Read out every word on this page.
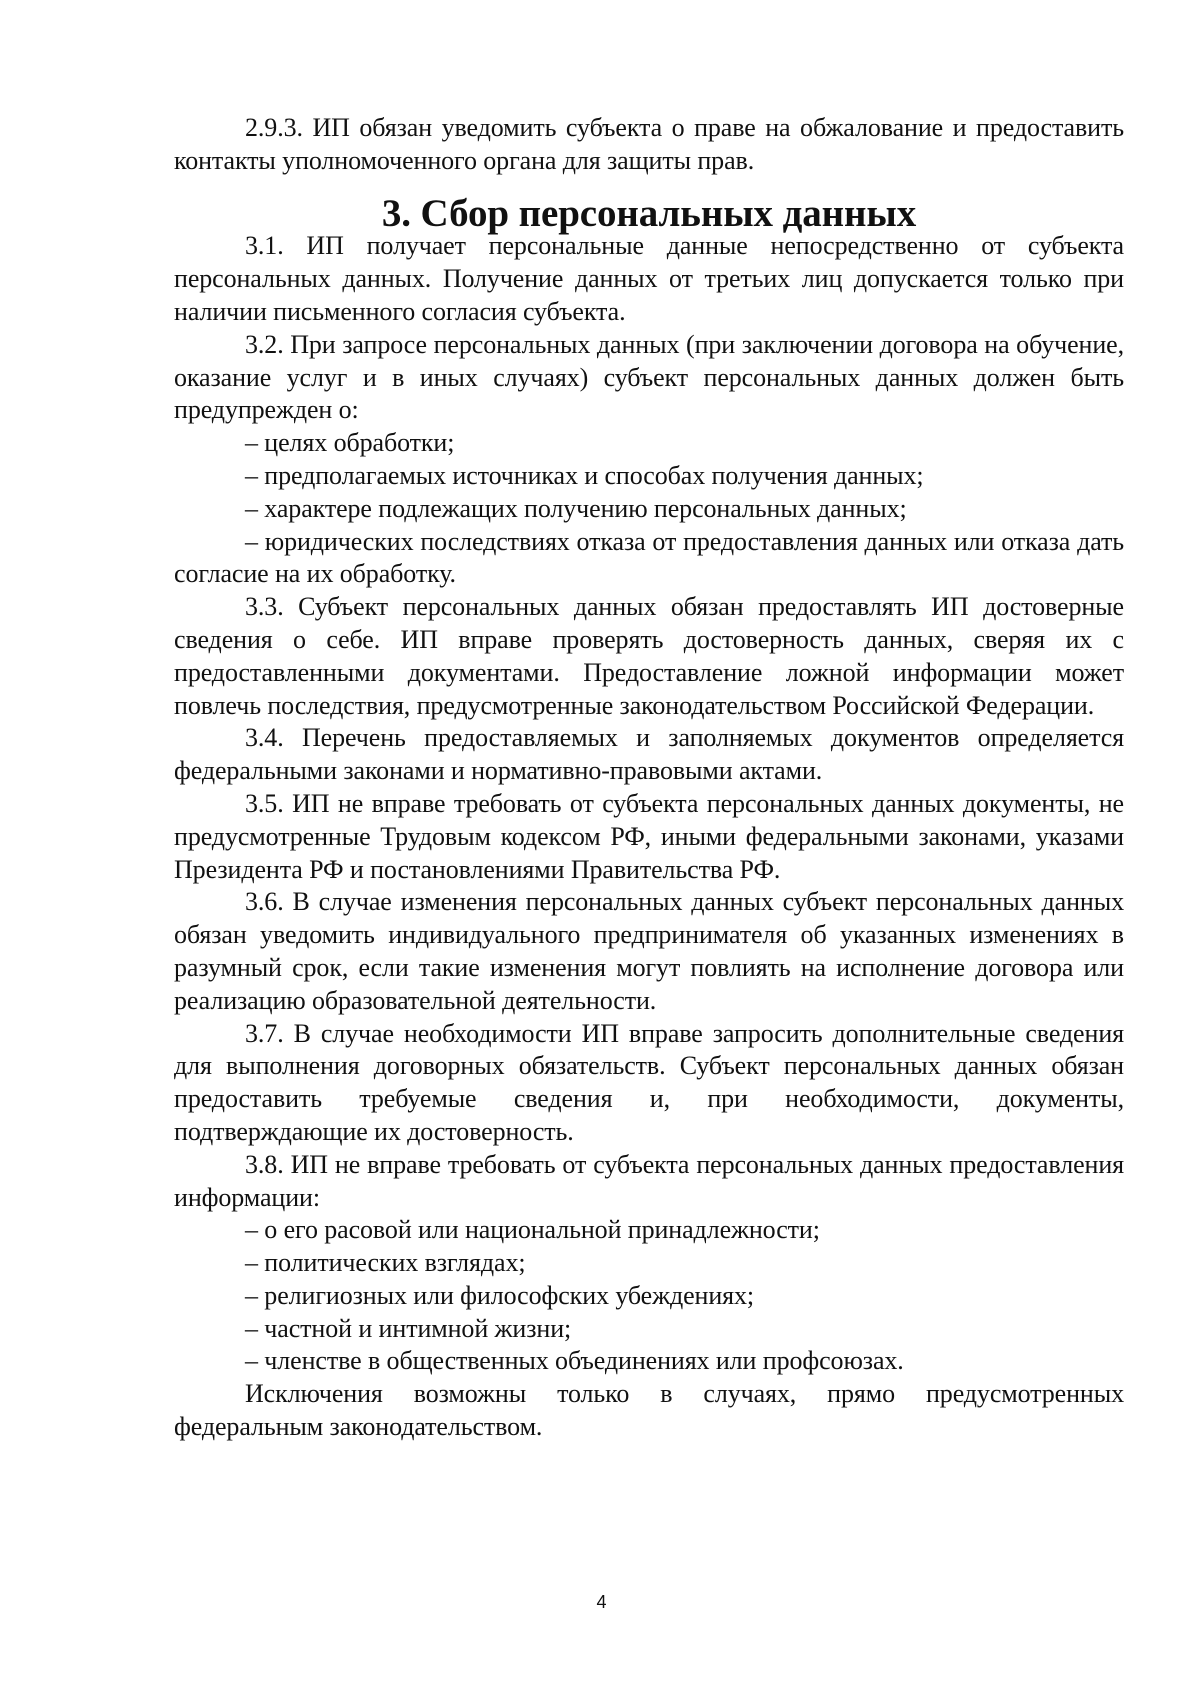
2.9.3. ИП обязан уведомить субъекта о праве на обжалование и предоставить контакты уполномоченного органа для защиты прав.

3. Сбор персональных данных

3.1. ИП получает персональные данные непосредственно от субъекта персональных данных. Получение данных от третьих лиц допускается только при наличии письменного согласия субъекта.

3.2. При запросе персональных данных (при заключении договора на обучение, оказание услуг и в иных случаях) субъект персональных данных должен быть предупрежден о:

– целях обработки;

– предполагаемых источниках и способах получения данных;

– характере подлежащих получению персональных данных;

– юридических последствиях отказа от предоставления данных или отказа дать согласие на их обработку.

3.3. Субъект персональных данных обязан предоставлять ИП достоверные сведения о себе. ИП вправе проверять достоверность данных, сверяя их с предоставленными документами. Предоставление ложной информации может повлечь последствия, предусмотренные законодательством Российской Федерации.

3.4. Перечень предоставляемых и заполняемых документов определяется федеральными законами и нормативно-правовыми актами.

3.5. ИП не вправе требовать от субъекта персональных данных документы, не предусмотренные Трудовым кодексом РФ, иными федеральными законами, указами Президента РФ и постановлениями Правительства РФ.

3.6. В случае изменения персональных данных субъект персональных данных обязан уведомить индивидуального предпринимателя об указанных изменениях в разумный срок, если такие изменения могут повлиять на исполнение договора или реализацию образовательной деятельности.

3.7. В случае необходимости ИП вправе запросить дополнительные сведения для выполнения договорных обязательств. Субъект персональных данных обязан предоставить требуемые сведения и, при необходимости, документы, подтверждающие их достоверность.

3.8. ИП не вправе требовать от субъекта персональных данных предоставления информации:

– о его расовой или национальной принадлежности;

– политических взглядах;

– религиозных или философских убеждениях;

– частной и интимной жизни;

– членстве в общественных объединениях или профсоюзах.

Исключения возможны только в случаях, прямо предусмотренных федеральным законодательством.

4
